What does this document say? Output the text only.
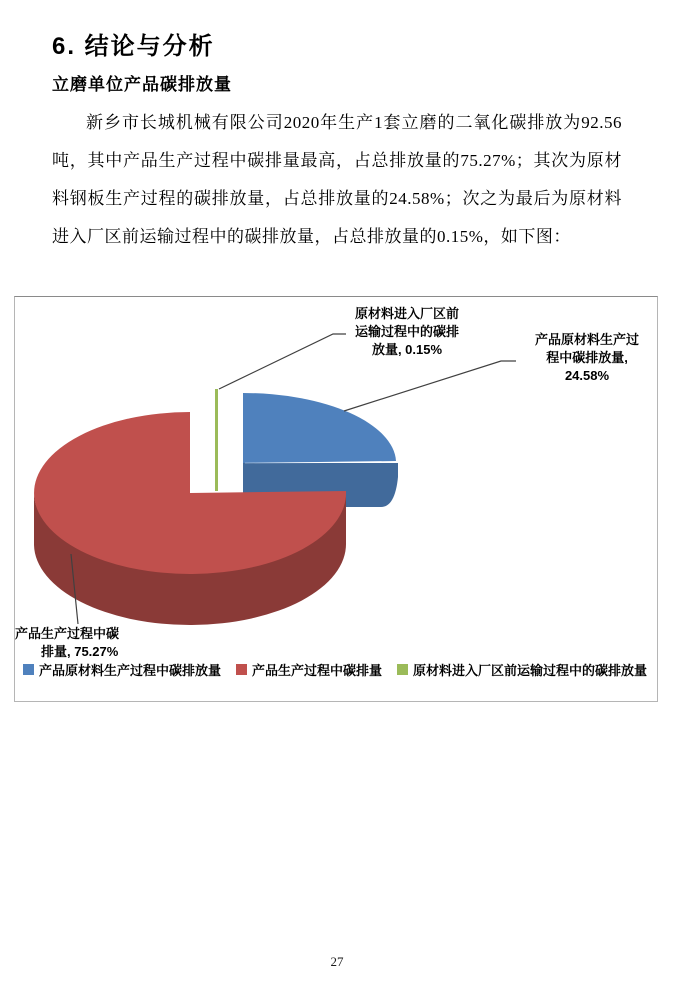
6. 结论与分析
立磨单位产品碳排放量
新乡市长城机械有限公司2020年生产1套立磨的二氧化碳排放为92.56吨，其中产品生产过程中碳排量最高，占总排放量的75.27%；其次为原材料钢板生产过程的碳排放量，占总排放量的24.58%；次之为最后为原材料进入厂区前运输过程中的碳排放量，占总排放量的0.15%，如下图：
原材料进入厂区前
运输过程中的碳排
放量, 0.15%
产品原材料生产过
程中碳排放量,
24.58%
产品生产过程中碳
排量, 75.27%
产品原材料生产过程中碳排放量 产品生产过程中碳排量 原材料进入厂区前运输过程中的碳排放量
27
